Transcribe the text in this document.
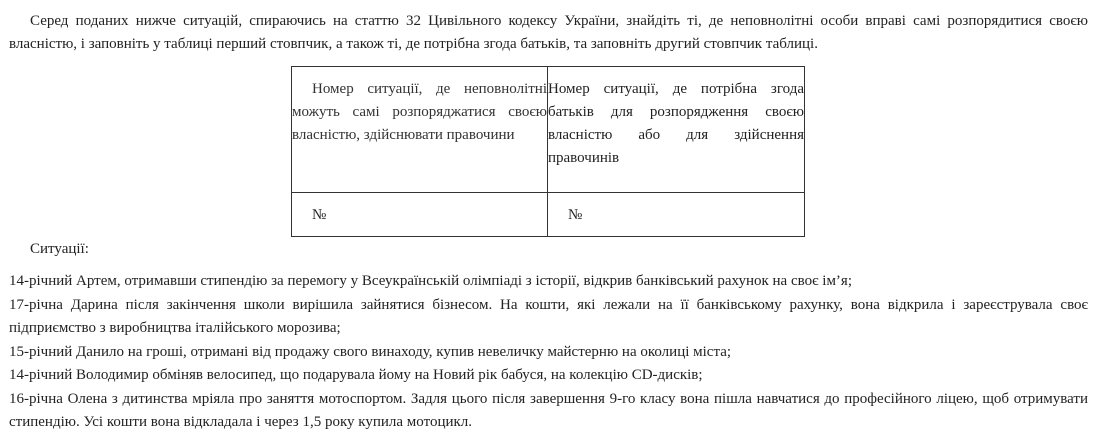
Серед поданих нижче ситуацій, спираючись на статтю 32 Цивільного кодексу України, знайдіть ті, де неповнолітні особи вправі самі розпорядитися своєю власністю, і заповніть у таблиці перший стовпчик, а також ті, де потрібна згода батьків, та заповніть другий стовпчик таблиці.

Номер ситуації, де неповнолітні можуть самі розпоряджатися своєю власністю, здійснювати правочини	Номер ситуації, де потрібна згода батьків для розпорядження своєю власністю або для здійснення правочинів

№	№

Ситуації:

14-річний Артем, отримавши стипендію за перемогу у Всеукраїнській олімпіаді з історії, відкрив банківський рахунок на своє ім’я;

17-річна Дарина після закінчення школи вирішила зайнятися бізнесом. На кошти, які лежали на її банківському рахунку, вона відкрила і зареєструвала своє підприємство з виробництва італійського морозива;

15-річний Данило на гроші, отримані від продажу свого винаходу, купив невеличку майстерню на околиці міста;

14-річний Володимир обміняв велосипед, що подарувала йому на Новий рік бабуся, на колекцію CD-дисків;

16-річна Олена з дитинства мріяла про заняття мотоспортом. Задля цього після завершення 9-го класу вона пішла навчатися до професійного ліцею, щоб отримувати стипендію. Усі кошти вона відкладала і через 1,5 року купила мотоцикл.
